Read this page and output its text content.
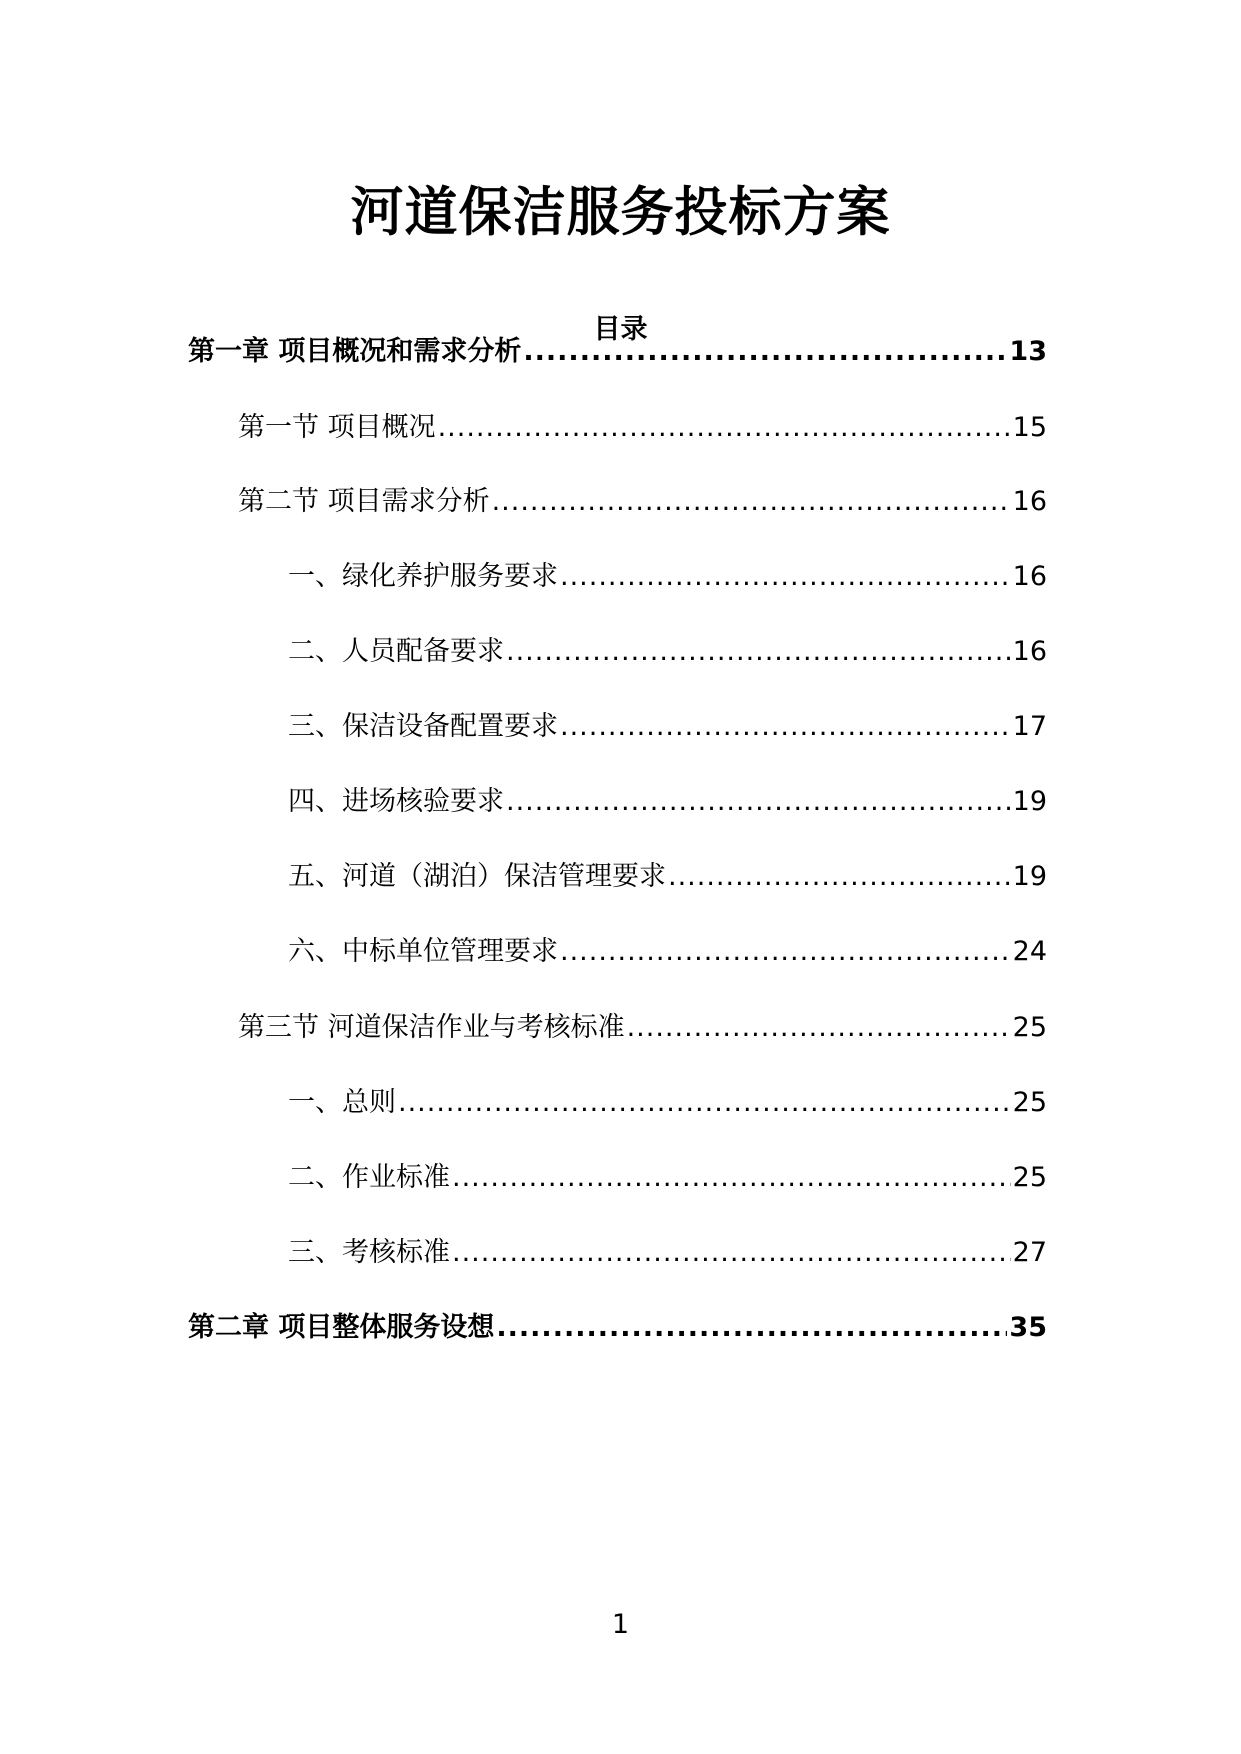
河道保洁服务投标方案
目录
第一章 项目概况和需求分析 .....	13
第一节 项目概况 .....	15
第二节 项目需求分析 .....	16
一、绿化养护服务要求 .....	16
二、人员配备要求 .....	16
三、保洁设备配置要求 .....	17
四、进场核验要求 .....	19
五、河道（湖泊）保洁管理要求 .....	19
六、中标单位管理要求 .....	24
第三节 河道保洁作业与考核标准 .....	25
一、总则 .....	25
二、作业标准 .....	25
三、考核标准 .....	27
第二章 项目整体服务设想 .....	35
1
